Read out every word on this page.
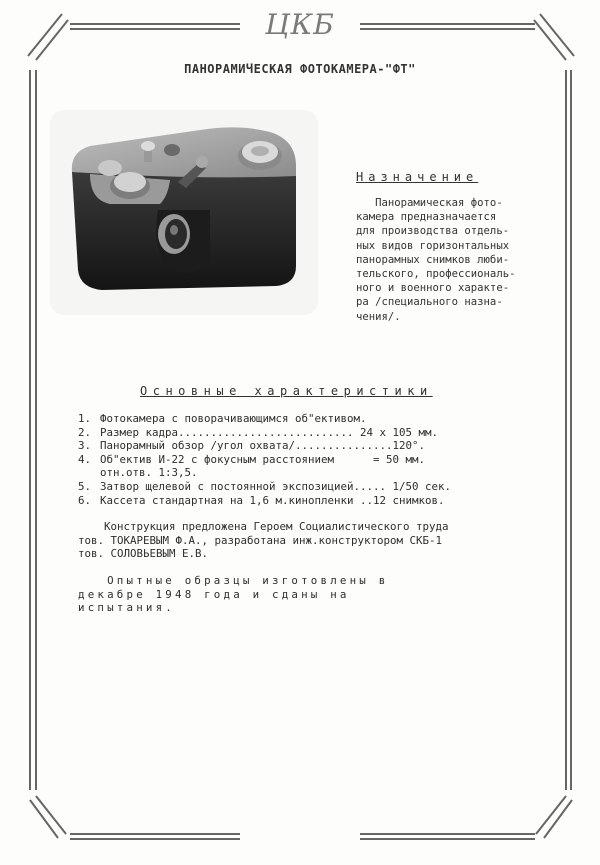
ЦКБ
ПАНОРАМИЧЕСКАЯ ФОТОКАМЕРА-"ФТ"
Назначение
Панорамическая фото-
камера предназначается
для производства отдель-
ных видов горизонтальных
панорамных снимков люби-
тельского, профессиональ-
ного и военного характе-
ра /специального назна-
чения/.
Основные характеристики
1. Фотокамера с поворачивающимся об"ективом.
2. Размер кадра........................... 24 х 105 мм.
3. Панорамный обзор /угол охвата/...............120°.
4. Об"ектив И-22 с фокусным расстоянием      = 50 мм.
отн.отв. 1:3,5.
5. Затвор щелевой с постоянной экспозицией..... 1/50 сек.
6. Кассета стандартная на 1,6 м.кинопленки ..12 снимков.
Конструкция предложена Героем Социалистического труда
тов. ТОКАРЕВЫМ Ф.А., разработана инж.конструктором СКБ-1
тов. СОЛОВЬЕВЫМ Е.В.
Опытные образцы изготовлены в
декабре 1948 года и сданы на
испытания.
